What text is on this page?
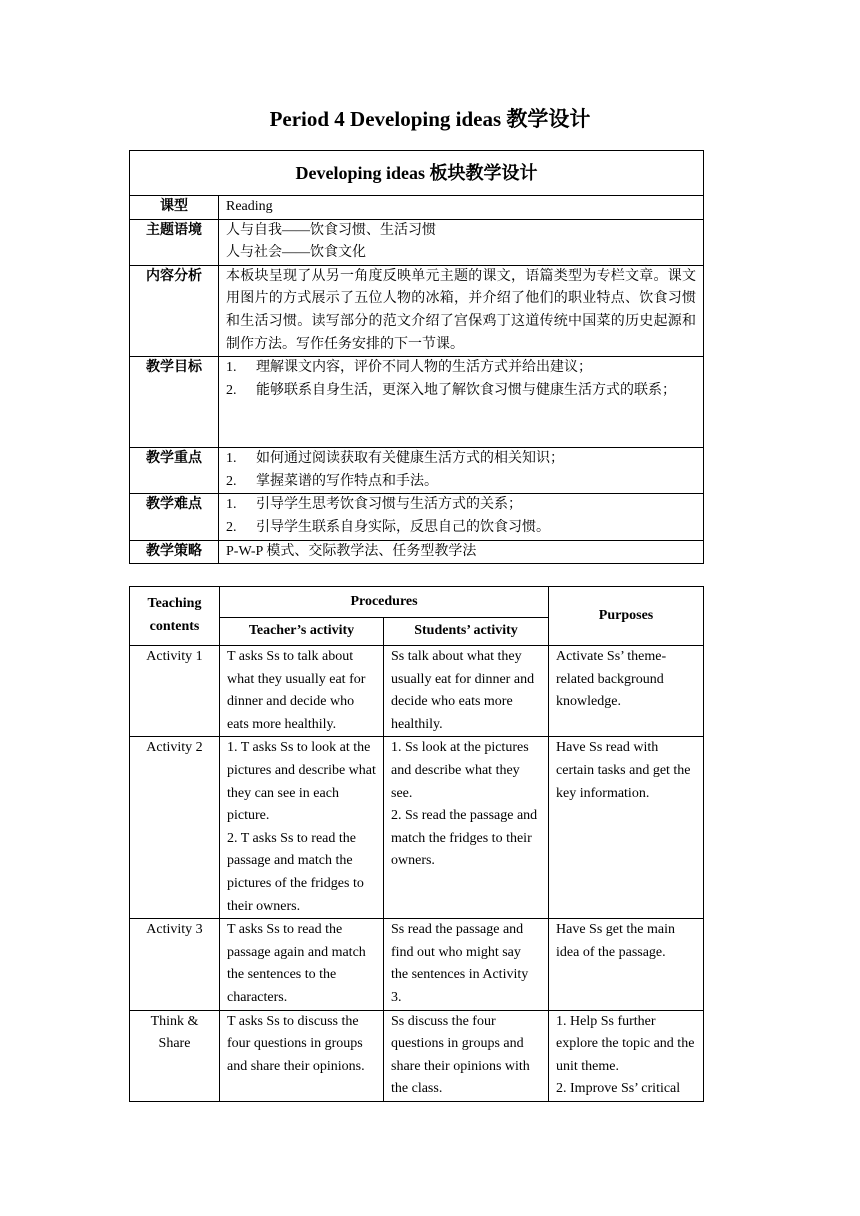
Period 4 Developing ideas 教学设计
Developing ideas 板块教学设计	
课型	Reading
主题语境	人与自我——饮食习惯、生活习惯
人与社会——饮食文化

内容分析	本板块呈现了从另一角度反映单元主题的课文，语篇类型为专栏文章。课文用图片的方式展示了五位人物的冰箱，并介绍了他们的职业特点、饮食习惯和生活习惯。读写部分的范文介绍了宫保鸡丁这道传统中国菜的历史起源和制作方法。写作任务安排的下一节课。
教学目标	1. 理解课文内容，评价不同人物的生活方式并给出建议；
2. 能够联系自身生活，更深入地了解饮食习惯与健康生活方式的联系；

教学重点	1. 如何通过阅读获取有关健康生活方式的相关知识；
2. 掌握菜谱的写作特点和手法。

教学难点	1. 引导学生思考饮食习惯与生活方式的关系；
2. 引导学生联系自身实际，反思自己的饮食习惯。

教学策略	P-W-P 模式、交际教学法、任务型教学法
Teaching contents	Procedures		Purposes
	Teacher’s activity	Students’ activity	
Activity 1	T asks Ss to talk about what they usually eat for dinner and decide who eats more healthily.	Ss talk about what they usually eat for dinner and decide who eats more healthily.	Activate Ss’ theme-related background knowledge.

Activity 2	1. T asks Ss to look at the pictures and describe what they can see in each picture.
2. T asks Ss to read the passage and match the pictures of the fridges to their owners.	1. Ss look at the pictures and describe what they see.
2. Ss read the passage and match the fridges to their owners.	Have Ss read with certain tasks and get the key information.

Activity 3	T asks Ss to read the passage again and match the sentences to the characters.	Ss read the passage and find out who might say the sentences in Activity 3.	Have Ss get the main idea of the passage.

Think & Share	T asks Ss to discuss the four questions in groups and share their opinions.	Ss discuss the four questions in groups and share their opinions with the class.	1. Help Ss further explore the topic and the unit theme.
2. Improve Ss’ critical
